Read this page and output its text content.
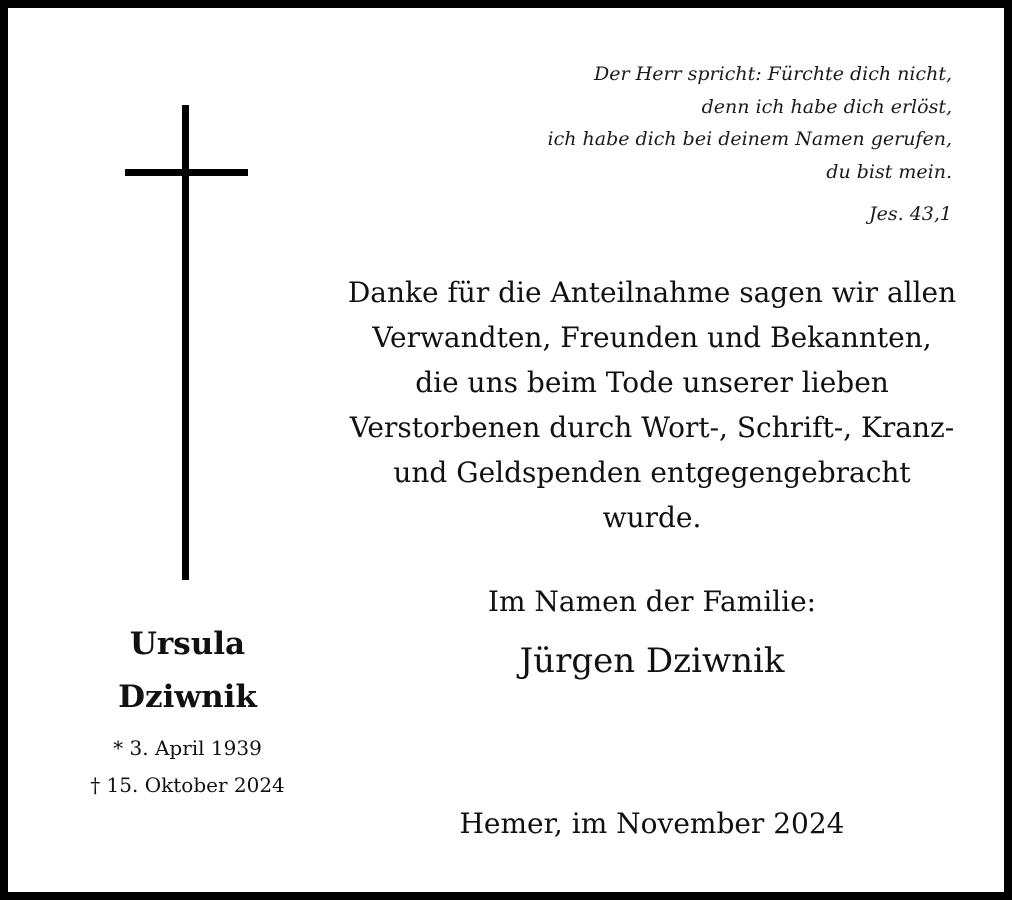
Der Herr spricht: Fürchte dich nicht,
denn ich habe dich erlöst,
ich habe dich bei deinem Namen gerufen,
du bist mein.
Jes. 43,1
Danke für die Anteilnahme sagen wir allen
Verwandten, Freunden und Bekannten,
die uns beim Tode unserer lieben
Verstorbenen durch Wort-, Schrift-, Kranz-
und Geldspenden entgegengebracht
wurde.
Im Namen der Familie:
Jürgen Dziwnik
Hemer, im November 2024
Ursula
Dziwnik
* 3. April 1939
† 15. Oktober 2024
